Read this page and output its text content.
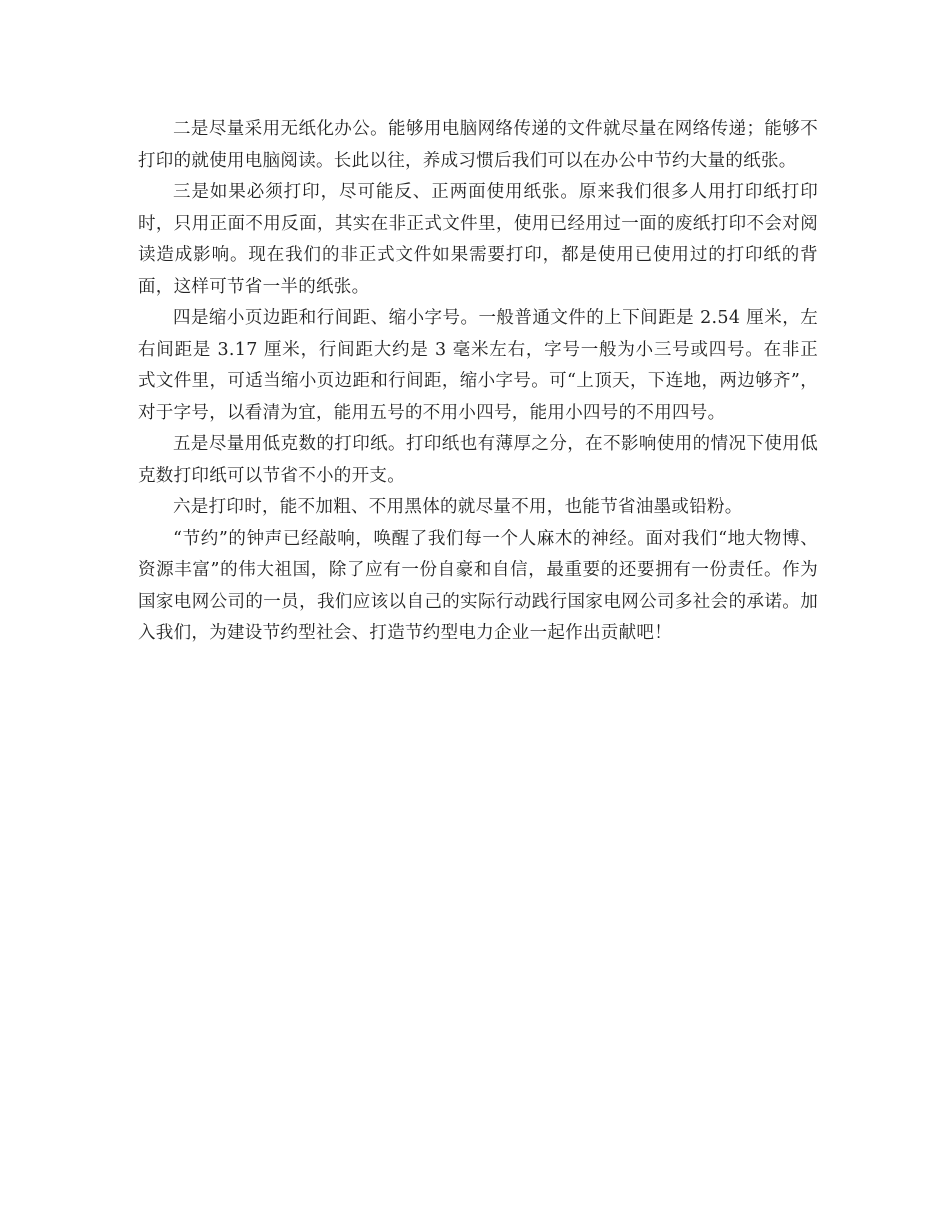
二是尽量采用无纸化办公。能够用电脑网络传递的文件就尽量在网络传递；能够不打印的就使用电脑阅读。长此以往，养成习惯后我们可以在办公中节约大量的纸张。

三是如果必须打印，尽可能反、正两面使用纸张。原来我们很多人用打印纸打印时，只用正面不用反面，其实在非正式文件里，使用已经用过一面的废纸打印不会对阅读造成影响。现在我们的非正式文件如果需要打印，都是使用已使用过的打印纸的背面，这样可节省一半的纸张。

四是缩小页边距和行间距、缩小字号。一般普通文件的上下间距是 2.54 厘米，左右间距是 3.17 厘米，行间距大约是 3 毫米左右，字号一般为小三号或四号。在非正式文件里，可适当缩小页边距和行间距，缩小字号。可“上顶天，下连地，两边够齐”，对于字号，以看清为宜，能用五号的不用小四号，能用小四号的不用四号。

五是尽量用低克数的打印纸。打印纸也有薄厚之分，在不影响使用的情况下使用低克数打印纸可以节省不小的开支。

六是打印时，能不加粗、不用黑体的就尽量不用，也能节省油墨或铅粉。

“节约”的钟声已经敲响，唤醒了我们每一个人麻木的神经。面对我们“地大物博、资源丰富”的伟大祖国，除了应有一份自豪和自信，最重要的还要拥有一份责任。作为国家电网公司的一员，我们应该以自己的实际行动践行国家电网公司多社会的承诺。加入我们，为建设节约型社会、打造节约型电力企业一起作出贡献吧！
